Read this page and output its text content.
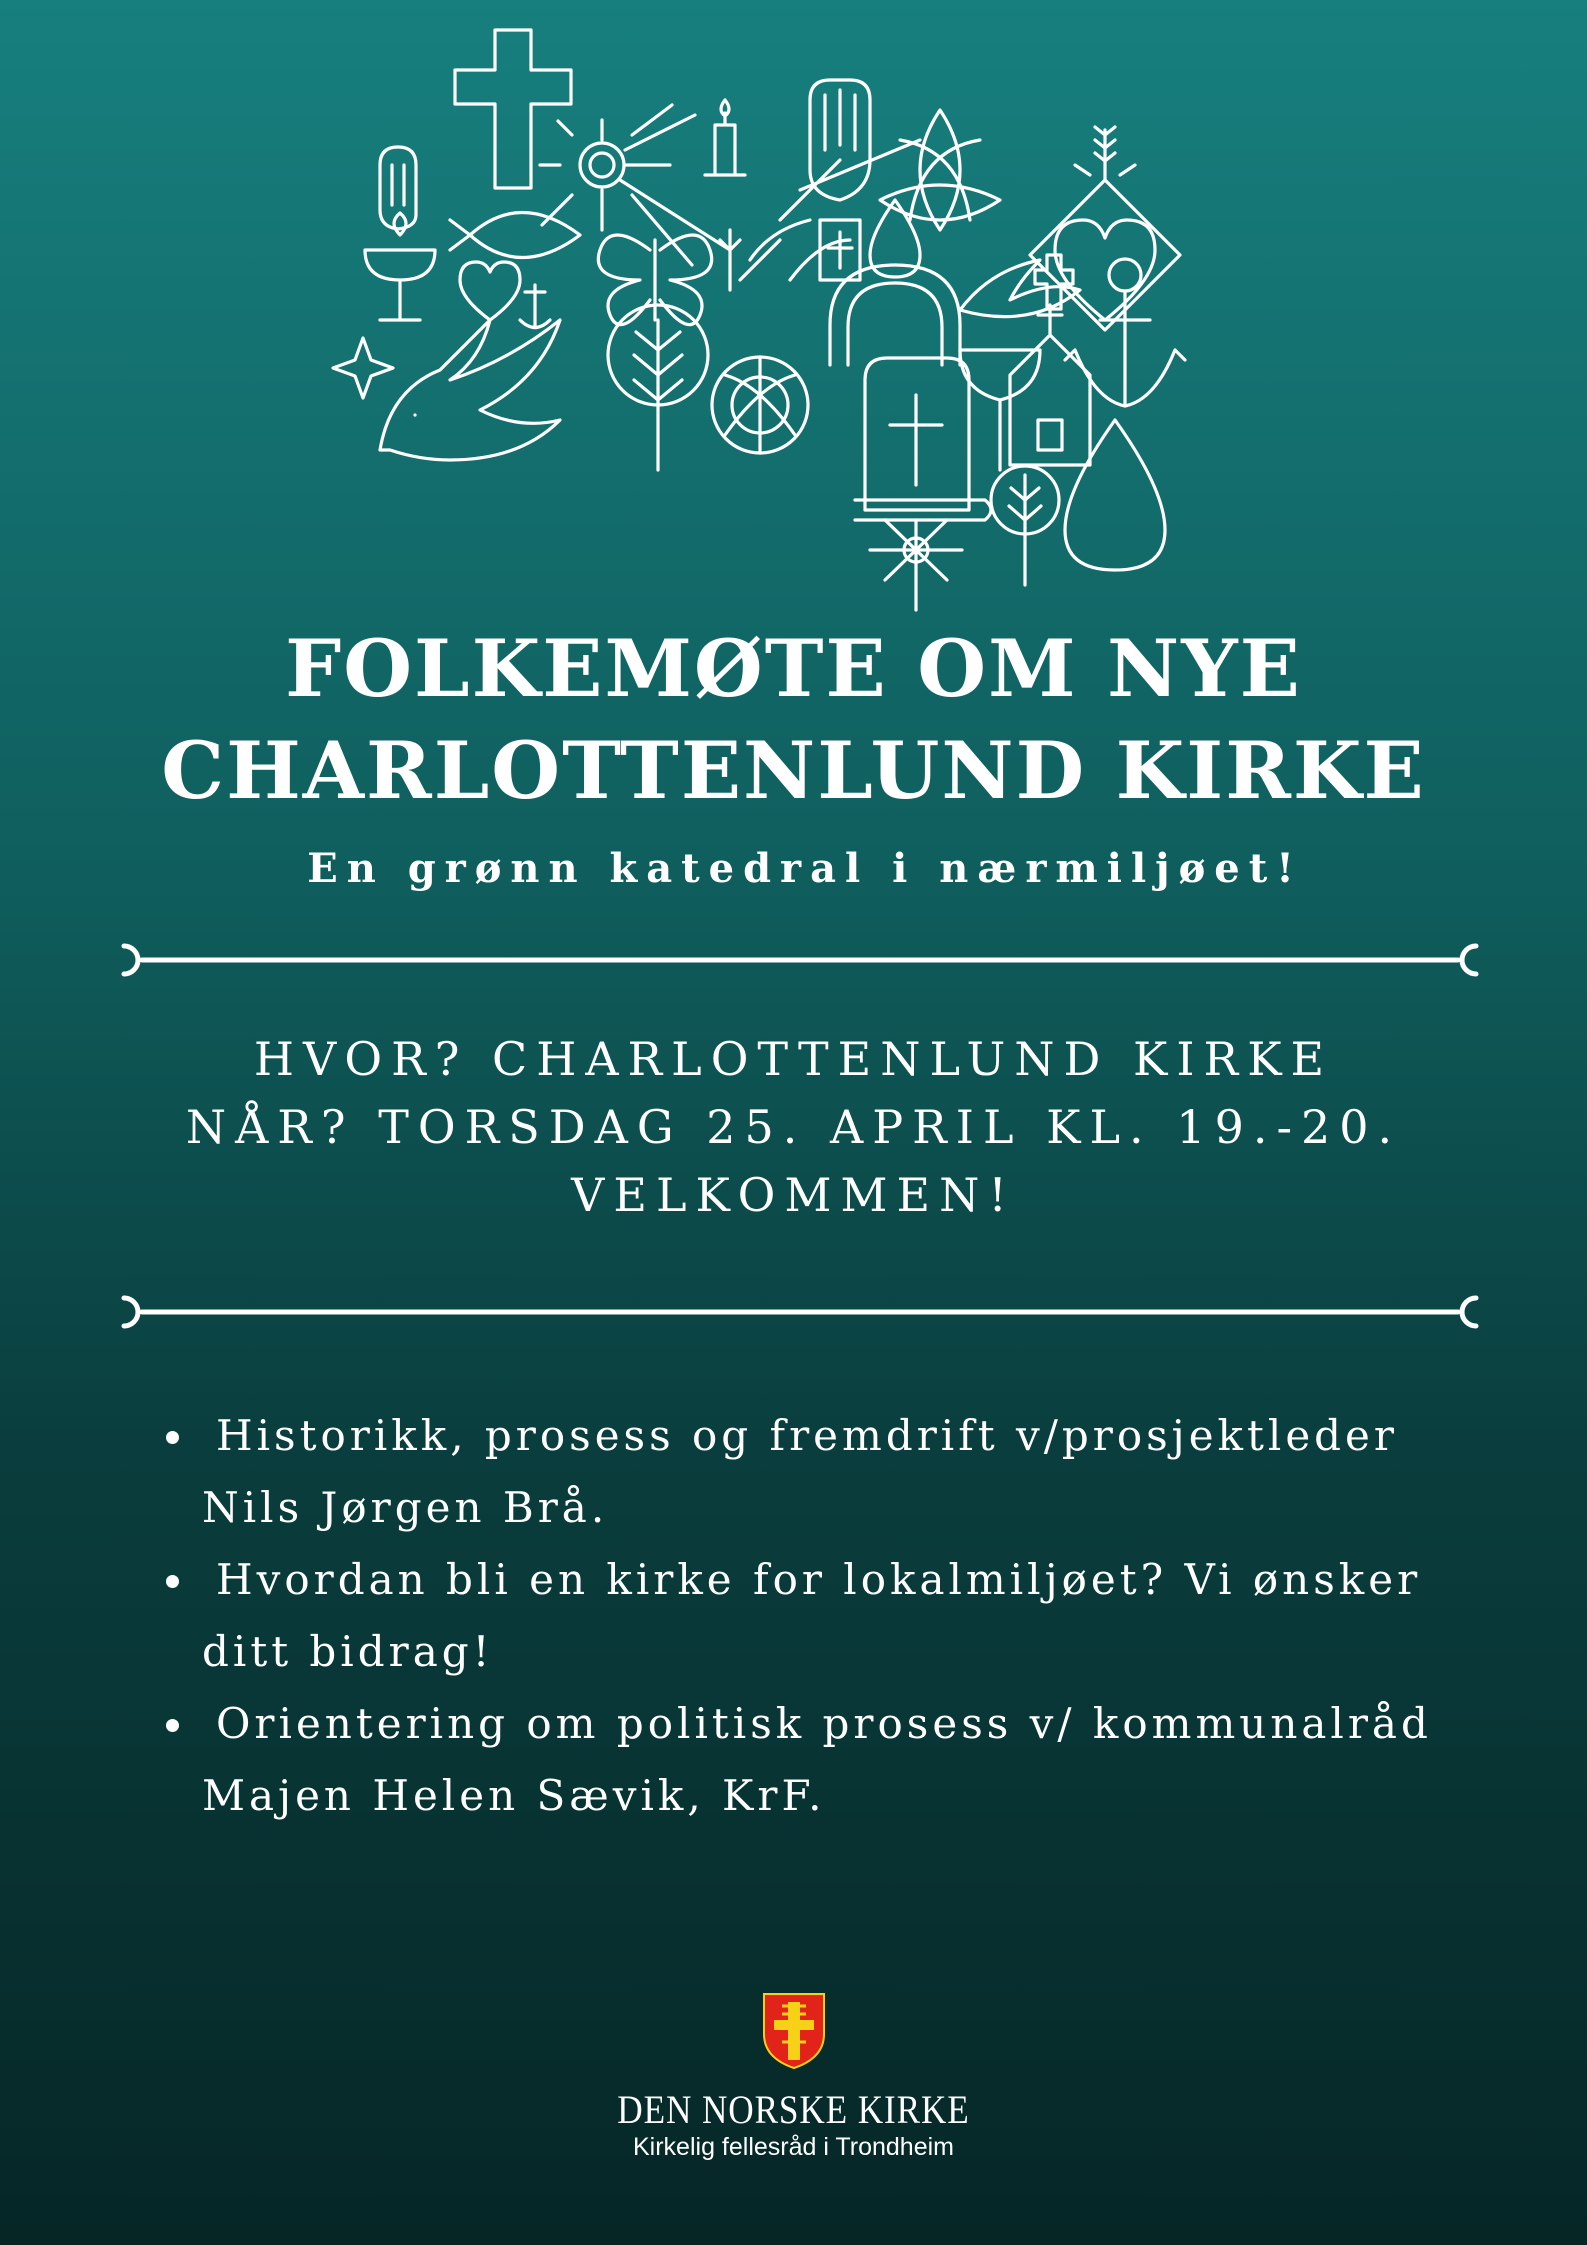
FOLKEMØTE OM NYE
CHARLOTTENLUND KIRKE

En grønn katedral i nærmiljøet!

HVOR? CHARLOTTENLUND KIRKE
NÅR? TORSDAG 25. APRIL KL. 19.-20.
VELKOMMEN!
Historikk, prosess og fremdrift v/prosjektleder
Nils Jørgen Brå.
Hvordan bli en kirke for lokalmiljøet? Vi ønsker
ditt bidrag!
Orientering om politisk prosess v/ kommunalråd
Majen Helen Sævik, KrF.
DEN NORSKE KIRKE
Kirkelig fellesråd i Trondheim
